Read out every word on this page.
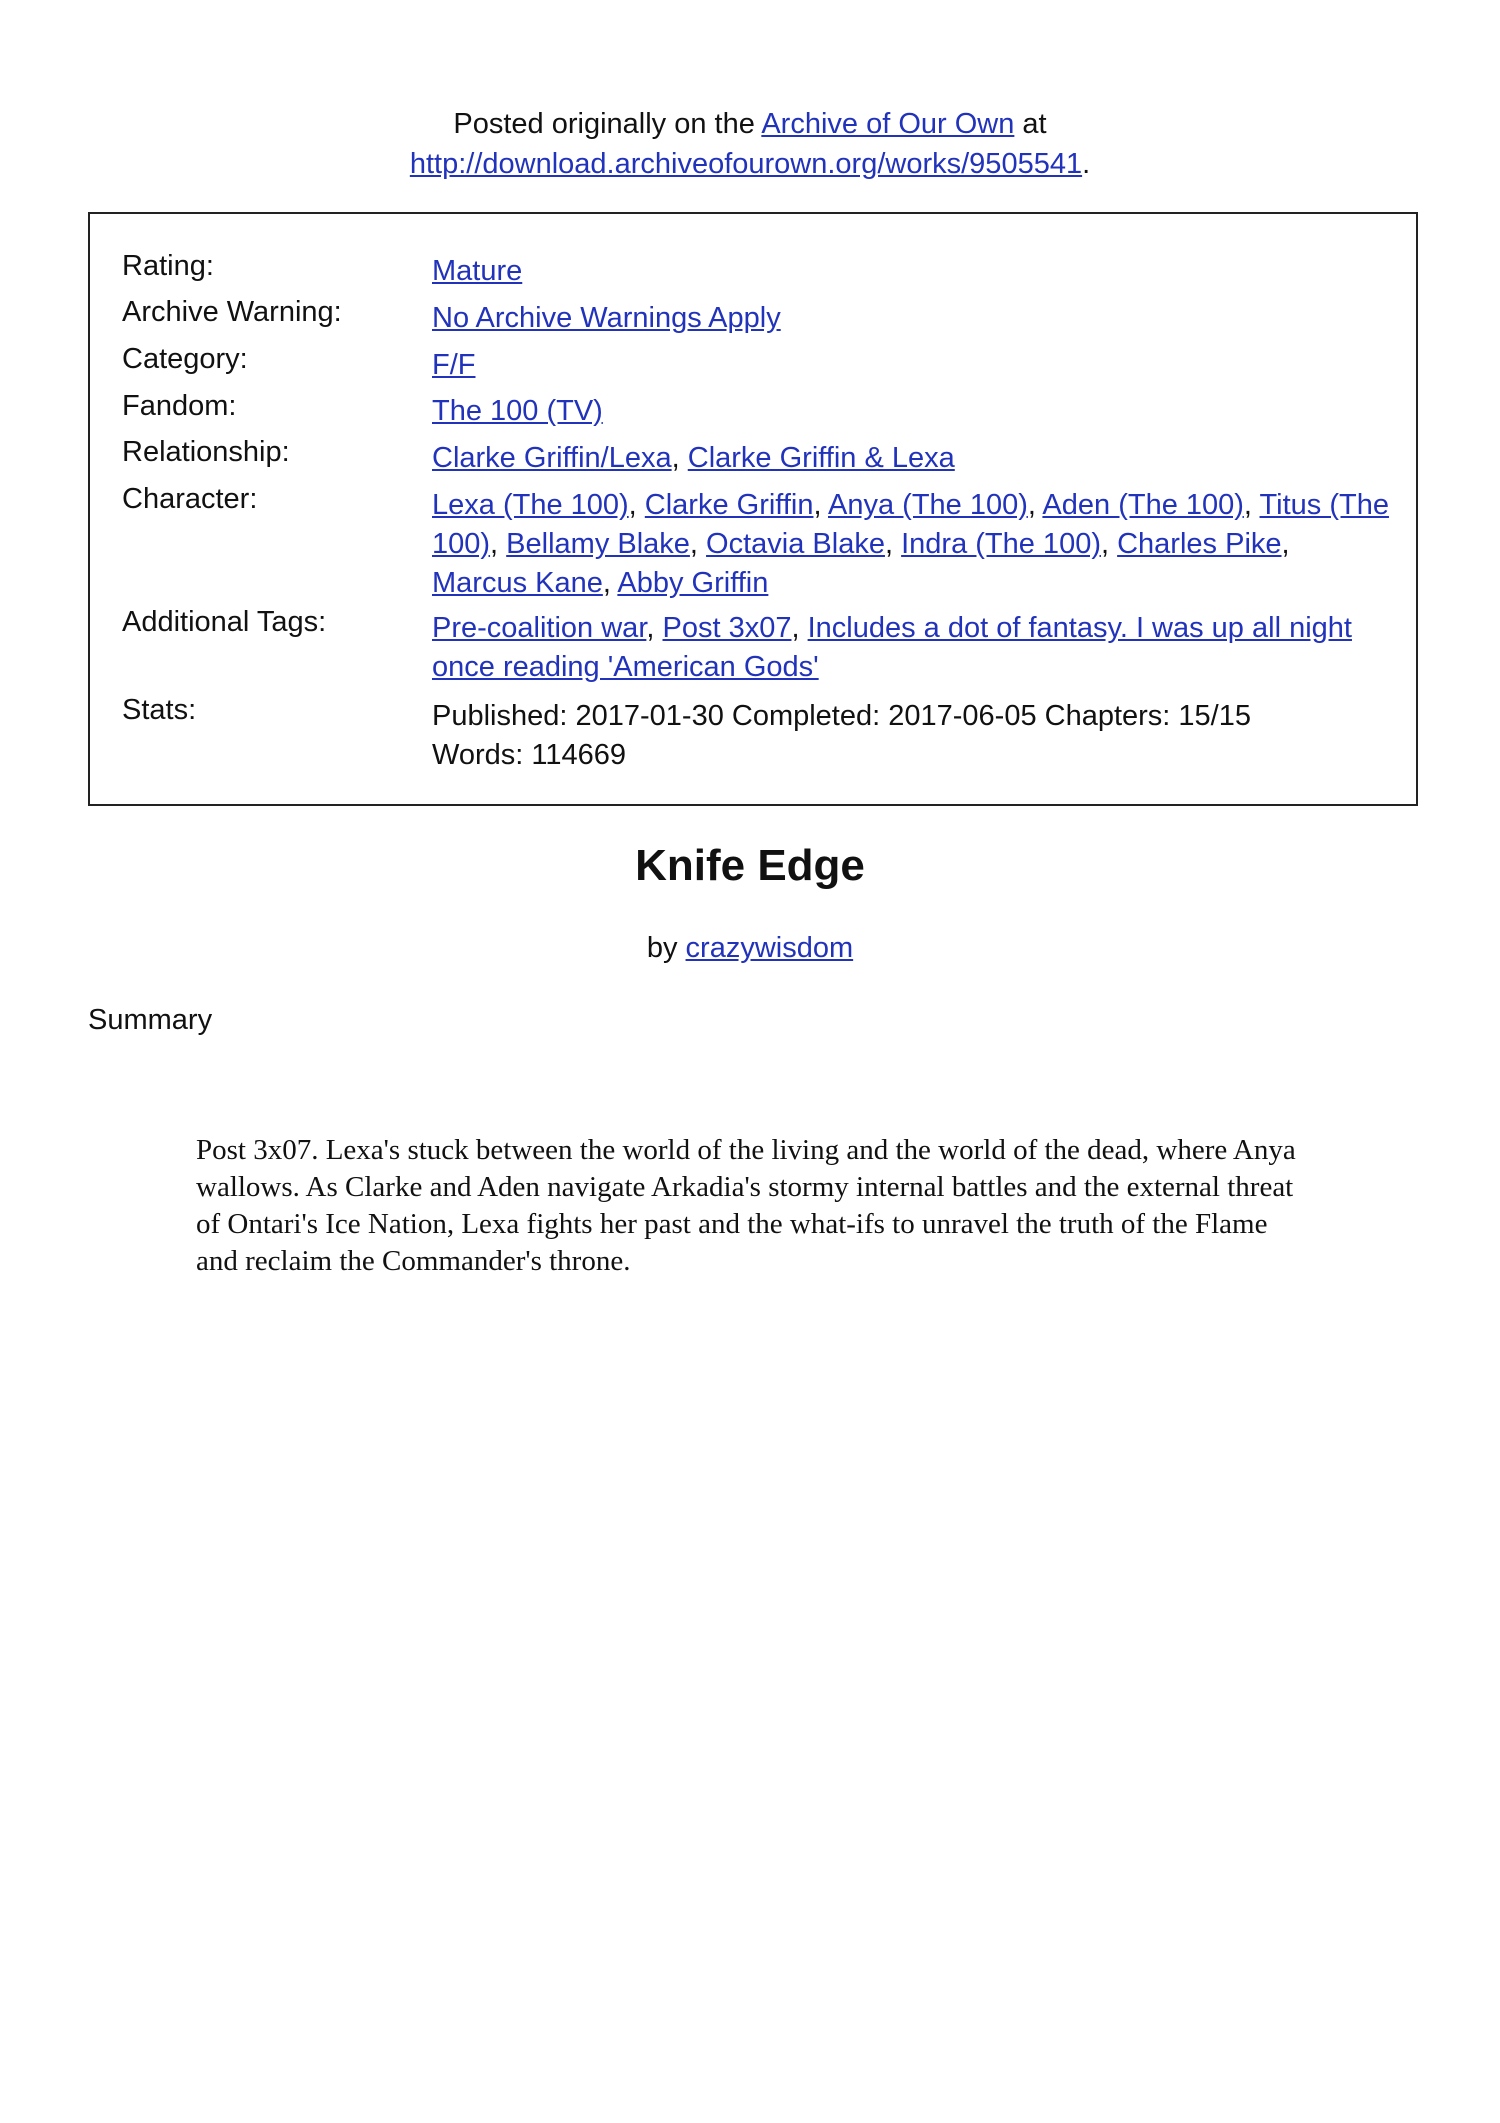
Posted originally on the Archive of Our Own at
http://download.archiveofourown.org/works/9505541.
Rating:	Mature
Archive Warning:	No Archive Warnings Apply
Category:	F/F
Fandom:	The 100 (TV)
Relationship:	Clarke Griffin/Lexa, Clarke Griffin & Lexa
Character:	Lexa (The 100), Clarke Griffin, Anya (The 100), Aden (The 100), Titus (The 100), Bellamy Blake, Octavia Blake, Indra (The 100), Charles Pike, Marcus Kane, Abby Griffin
Additional Tags:	Pre-coalition war, Post 3x07, Includes a dot of fantasy. I was up all night once reading 'American Gods'
Stats:	Published: 2017-01-30 Completed: 2017-06-05 Chapters: 15/15
Words: 114669
Knife Edge
by crazywisdom
Summary
Post 3x07. Lexa's stuck between the world of the living and the world of the dead, where Anya wallows. As Clarke and Aden navigate Arkadia's stormy internal battles and the external threat of Ontari's Ice Nation, Lexa fights her past and the what-ifs to unravel the truth of the Flame and reclaim the Commander's throne.
